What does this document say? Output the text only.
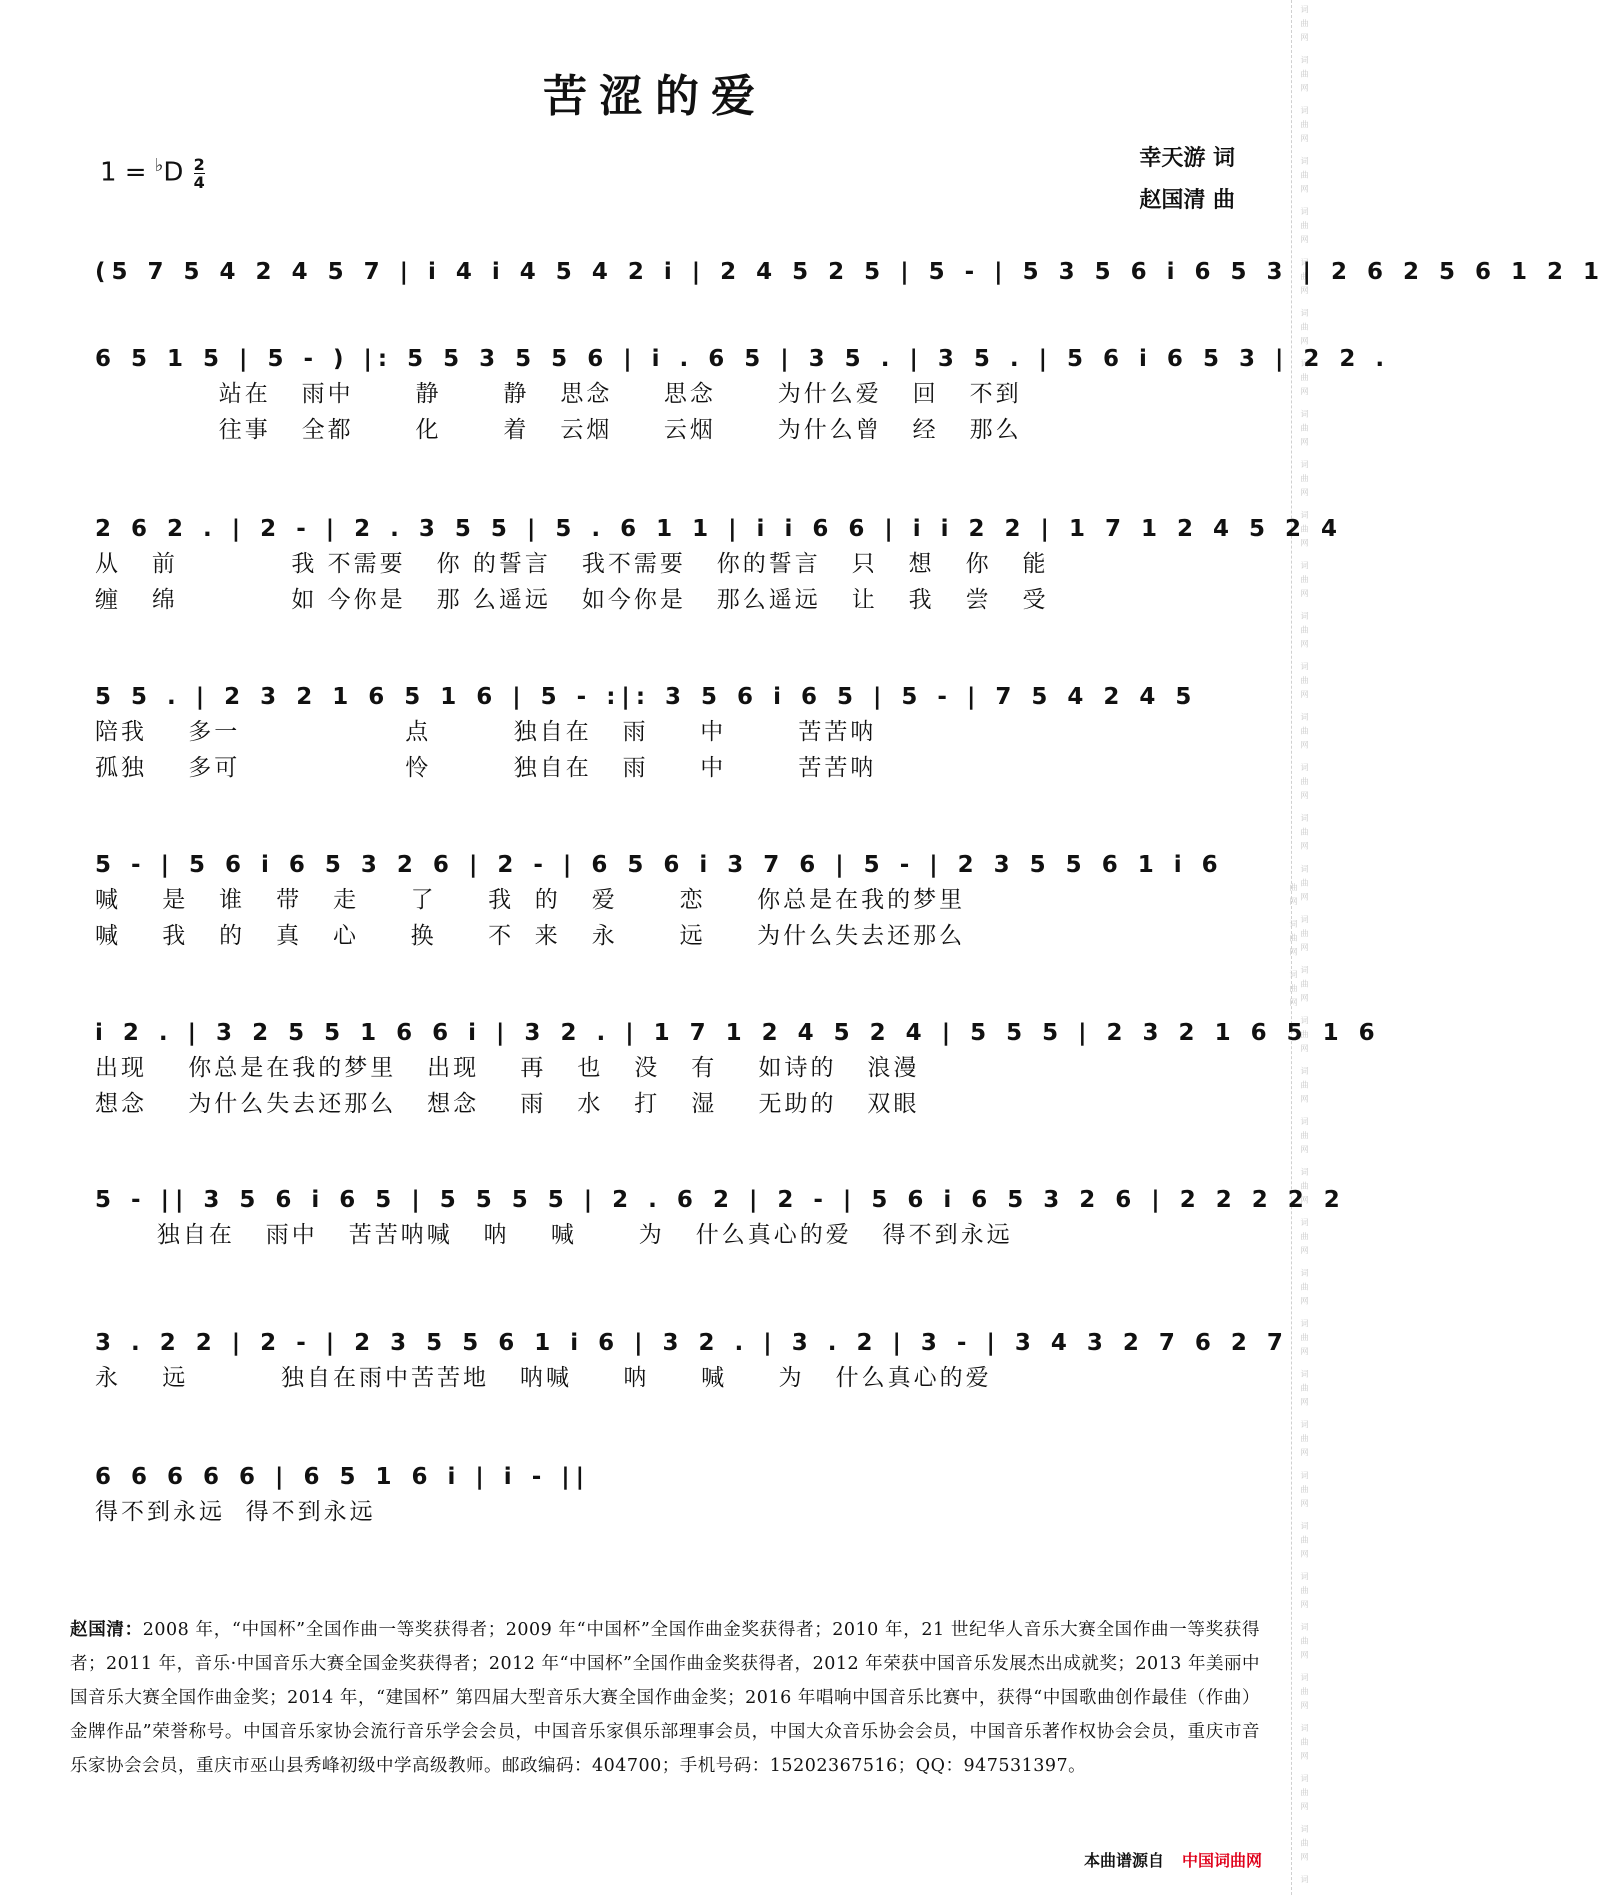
词曲网 词曲网 词曲网 词曲网 词曲网 词曲网 词曲网 词曲网 词曲网 词曲网 词曲网 词曲网 词曲网 词曲网 词曲网 词曲网 词曲网 词曲网 词曲网 词曲网 词曲网 词曲网 词曲网 词曲网 词曲网 词曲网 词曲网 词曲网 词曲网 词曲网 词曲网 词曲网 词曲网 词曲网 词曲网 词曲网 词曲网 词曲网 词曲网 词曲网
苦涩的爱
$1 = ^♭D \frac{2}{4}$	幸天游 词
赵国清 曲
(5 7 5 4 2 4 5 7 | i 4 i 4 5 4 2 i | 2 4 5 2 5 | 5 - | 5 3 5 6 i 6 5 3 | 2 6 2 5 6 1 2 1
6 5 1 5 | 5 - ) |: 5 5 3 5 5 6 | i . 6 5 | 3 5 . | 3 5 . | 5 6 i 6 5 3 | 2 2 .
站在   雨中      静      静   思念     思念      为什么爱   回   不到
往事   全都      化      着   云烟     云烟      为什么曾   经   那么
2 6 2 . | 2 - | 2 . 3 5 5 | 5 . 6 1 1 | i i 6 6 | i i 2 2 | 1 7 1 2 4 5 2 4
从   前           我 不需要   你 的誓言   我不需要   你的誓言   只   想   你   能
缠   绵           如 今你是   那 么遥远   如今你是   那么遥远   让   我   尝   受
5 5 . | 2 3 2 1 6 5 1 6 | 5 - :|: 3 5 6 i 6 5 | 5 - | 7 5 4 2 4 5
陪我    多一                点        独自在   雨     中       苦苦呐
孤独    多可                怜        独自在   雨     中       苦苦呐
5 - | 5 6 i 6 5 3 2 6 | 2 - | 6 5 6 i 3 7 6 | 5 - | 2 3 5 5 6 1 i 6
喊    是   谁   带   走     了     我  的   爱      恋     你总是在我的梦里
喊    我   的   真   心     换     不  来   永      远     为什么失去还那么
i 2 . | 3 2 5 5 1 6 6 i | 3 2 . | 1 7 1 2 4 5 2 4 | 5 5 5 | 2 3 2 1 6 5 1 6
出现    你总是在我的梦里   出现    再   也   没   有    如诗的   浪漫
想念    为什么失去还那么   想念    雨   水   打   湿    无助的   双眼
5 - || 3 5 6 i 6 5 | 5 5 5 5 | 2 . 6 2 | 2 - | 5 6 i 6 5 3 2 6 | 2 2 2 2 2
独自在   雨中   苦苦呐喊   呐    喊      为   什么真心的爱   得不到永远
3 . 2 2 | 2 - | 2 3 5 5 6 1 i 6 | 3 2 . | 3 . 2 | 3 - | 3 4 3 2 7 6 2 7
永    远         独自在雨中苦苦地   呐喊     呐     喊     为   什么真心的爱
6 6 6 6 6 | 6 5 1 6 i | i - ||
得不到永远  得不到永远
赵国清：2008 年，“中国杯”全国作曲一等奖获得者；2009 年“中国杯”全国作曲金奖获得者；2010 年，21 世纪华人音乐大赛全国作曲一等奖获得者；2011 年，音乐·中国音乐大赛全国金奖获得者；2012 年“中国杯”全国作曲金奖获得者，2012 年荣获中国音乐发展杰出成就奖；2013 年美丽中国音乐大赛全国作曲金奖；2014 年，“建国杯” 第四届大型音乐大赛全国作曲金奖；2016 年唱响中国音乐比赛中，获得“中国歌曲创作最佳（作曲）金牌作品”荣誉称号。中国音乐家协会流行音乐学会会员，中国音乐家俱乐部理事会员，中国大众音乐协会会员，中国音乐著作权协会会员，重庆市音乐家协会会员，重庆市巫山县秀峰初级中学高级教师。邮政编码：404700；手机号码：15202367516；QQ：947531397。
本曲谱源自 中国词曲网
